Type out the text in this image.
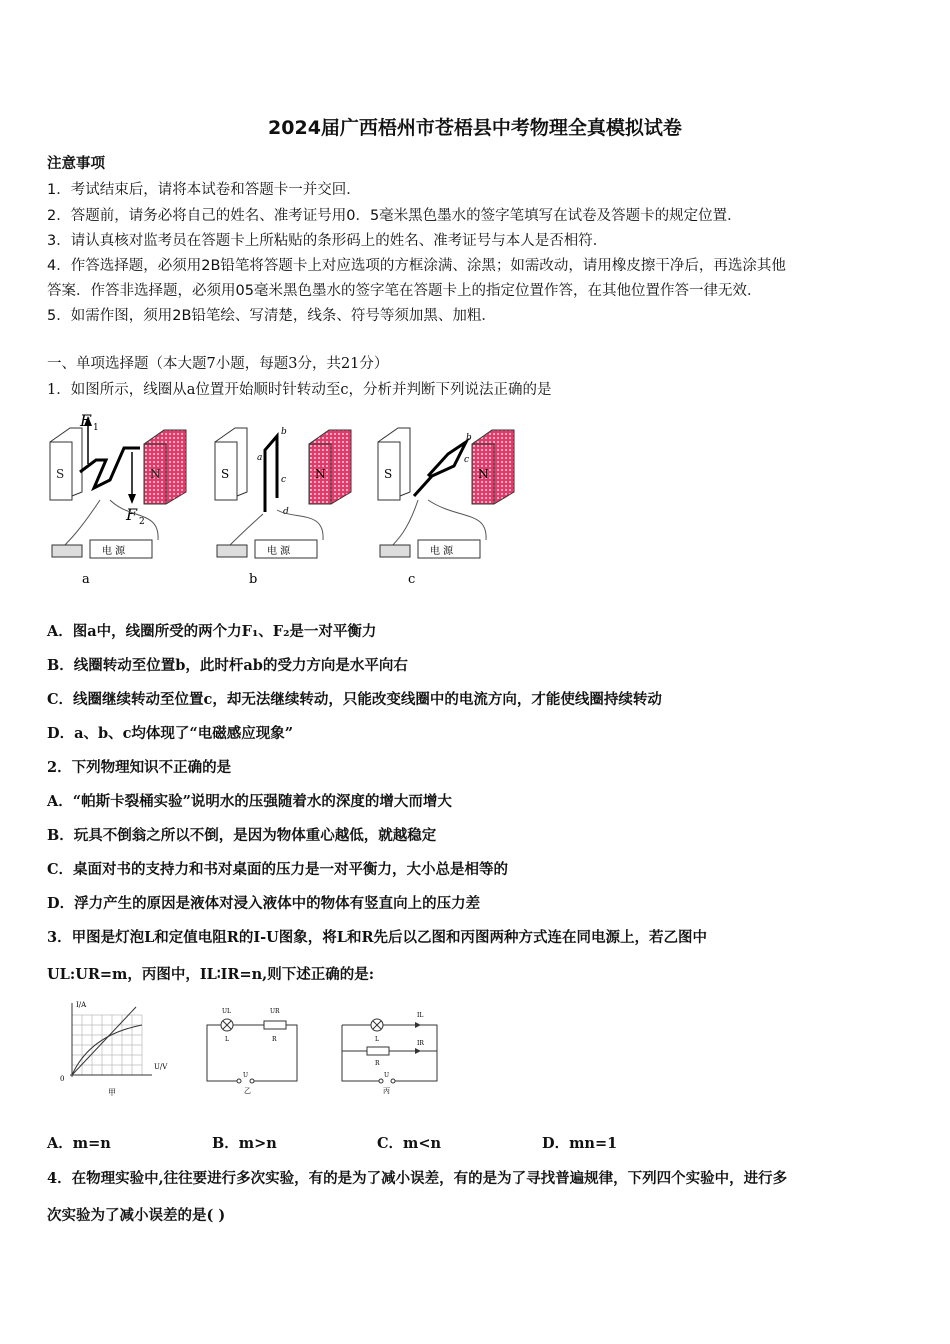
2024届广西梧州市苍梧县中考物理全真模拟试卷
注意事项
1．考试结束后，请将本试卷和答题卡一并交回．
2．答题前，请务必将自己的姓名、准考证号用0．5毫米黑色墨水的签字笔填写在试卷及答题卡的规定位置．
3．请认真核对监考员在答题卡上所粘贴的条形码上的姓名、准考证号与本人是否相符．
4．作答选择题，必须用2B铅笔将答题卡上对应选项的方框涂满、涂黑；如需改动，请用橡皮擦干净后，再选涂其他
答案．作答非选择题，必须用05毫米黑色墨水的签字笔在答题卡上的指定位置作答，在其他位置作答一律无效．
5．如需作图，须用2B铅笔绘、写清楚，线条、符号等须加黑、加粗．
一、单项选择题（本大题7小题，每题3分，共21分）
1．如图所示，线圈从a位置开始顺时针转动至c，分析并判断下列说法正确的是
S	N
F 1
F 2
电 源
a
S	N
a
b
c
d
电 源
b
S	N
b
c
电 源
c
A．图a中，线圈所受的两个力F₁、F₂是一对平衡力
B．线圈转动至位置b，此时杆ab的受力方向是水平向右
C．线圈继续转动至位置c，却无法继续转动，只能改变线圈中的电流方向，才能使线圈持续转动
D．a、b、c均体现了“电磁感应现象”
2．下列物理知识不正确的是
A．“帕斯卡裂桶实验”说明水的压强随着水的深度的增大而增大
B．玩具不倒翁之所以不倒，是因为物体重心越低，就越稳定
C．桌面对书的支持力和书对桌面的压力是一对平衡力，大小总是相等的
D．浮力产生的原因是液体对浸入液体中的物体有竖直向上的压力差
3．甲图是灯泡L和定值电阻R的I-U图象，将L和R先后以乙图和丙图两种方式连在同电源上，若乙图中
UL:UR=m，丙图中，IL∶IR=n,则下述正确的是:
I/A
U/V
0
甲
UL	UR
L	R
U
乙
L
R
IL
IR
U
丙
A．m=n	B．m>n	C．m<n	D．mn=1
4．在物理实验中,往往要进行多次实验，有的是为了减小误差，有的是为了寻找普遍规律，下列四个实验中，进行多
次实验为了减小误差的是( )
